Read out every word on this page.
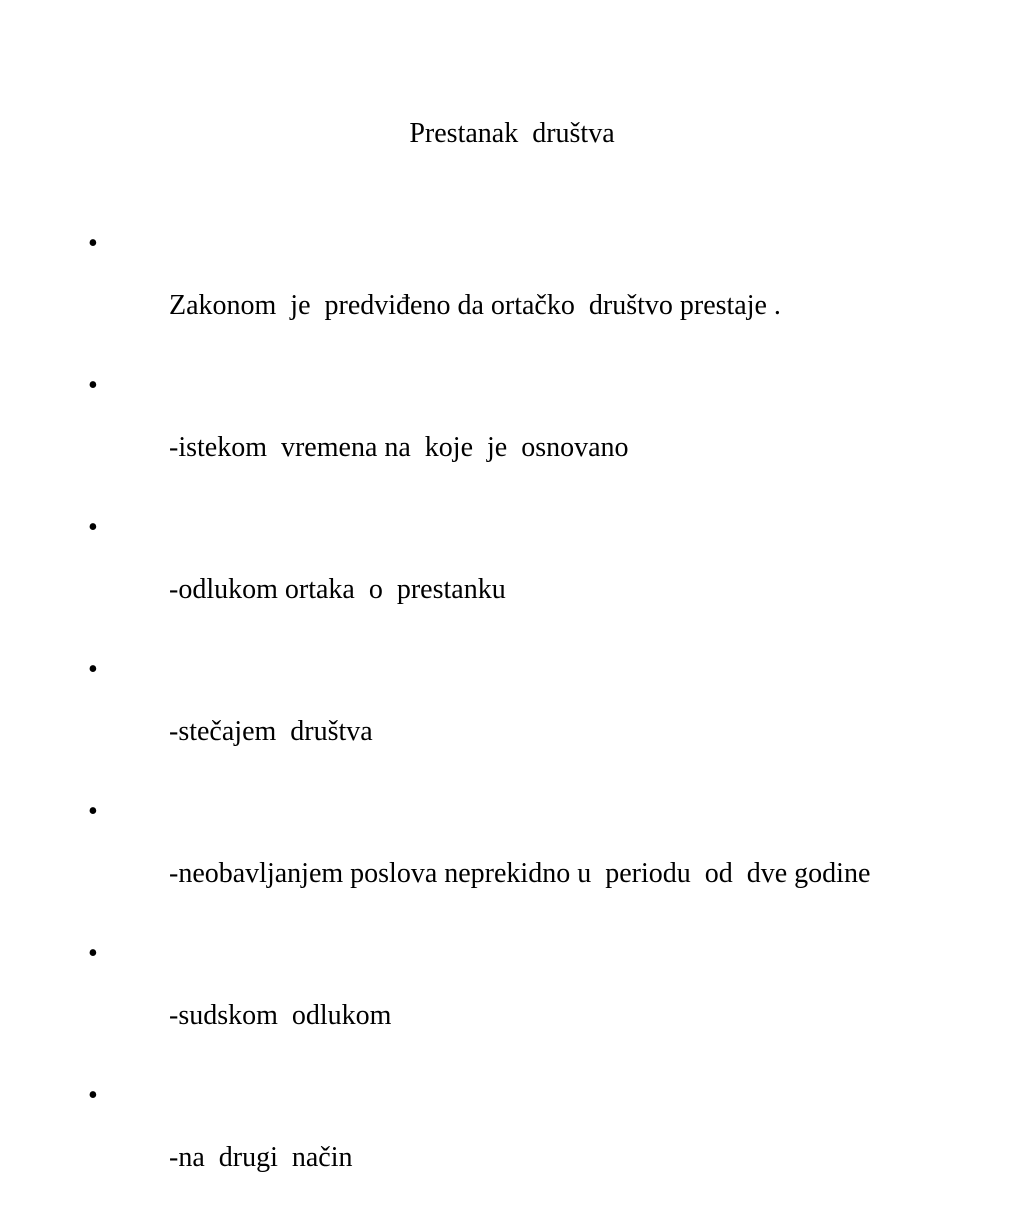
Prestanak  društva

•

Zakonom  je  predviđeno da ortačko  društvo prestaje .

•

-istekom  vremena na  koje  je  osnovano

•

-odlukom ortaka  o  prestanku

•

-stečajem  društva

•

-neobavljanjem poslova neprekidno u  periodu  od  dve godine

•

-sudskom  odlukom

•

-na  drugi  način
